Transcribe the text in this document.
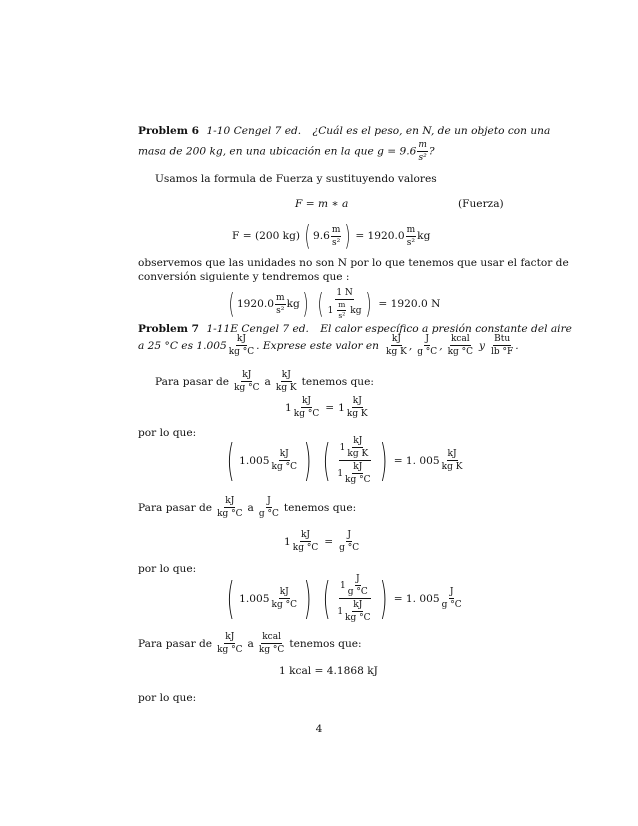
Problem 6 1-10 Cengel 7 ed. ¿Cuál es el peso, en N, de un objeto con una
masa de 200 kg, en una ubicación en la que $g = 9.6 \frac{m}{\text{s²}}$ ?
Usamos la formula de Fuerza y sustituyendo valores
F = m ∗ a	(Fuerza)
F = (200 kg) ( $9.6 \frac{m}{\text{s²}}$ ) = $1920.0 \frac{m}{\text{s²}}$ kg
observemos que las unidades no son N por lo que tenemos que usar el factor de
conversión siguiente y tendremos que :
( $1920.0 \frac{m}{\text{s²}}$ kg ) ( $\frac{1 N}{1 \frac{m}{\text{s²}} kg}$ ) = 1920.0 N
Problem 7 1-11E Cengel 7 ed. El calor específico a presión constante del aire
a 25 °C es $1.005 \frac{kJ}{kg ^\circ C}$ . Exprese este valor en $\frac{kJ}{\text{kg K}}$ , $\frac{J}{g ^\circ C}$ , $\frac{\text{kcal}}{kg ^\circ C}$ y $\frac{\text{Btu}}{lb ^\circ F}$ .
Para pasar de $\frac{kJ}{kg ^\circ C}$ a $\frac{kJ}{\text{kg K}}$ tenemos que:
$1 \frac{kJ}{kg ^\circ C} = 1 \frac{kJ}{\text{kg K}}$
por lo que:
( $1.005 \frac{kJ}{kg ^\circ C}$ ) ( $\frac{1 \frac{kJ}{\text{kg K}}}{1 \frac{kJ}{kg ^\circ C}}$ ) = 1. $005 \frac{kJ}{\text{kg K}}$
Para pasar de $\frac{kJ}{kg ^\circ C}$ a $\frac{J}{g ^\circ C}$ tenemos que:
$1 \frac{kJ}{kg ^\circ C} = \frac{J}{g ^\circ C}$
por lo que:
( $1.005 \frac{kJ}{kg ^\circ C}$ ) ( $\frac{1 \frac{J}{g ^\circ C}}{1 \frac{kJ}{kg ^\circ C}}$ ) = 1. $005 \frac{J}{g ^\circ C}$
Para pasar de $\frac{kJ}{kg ^\circ C}$ a $\frac{\text{kcal}}{kg ^\circ C}$ tenemos que:
1 kcal = 4.1868 kJ
por lo que:
4
